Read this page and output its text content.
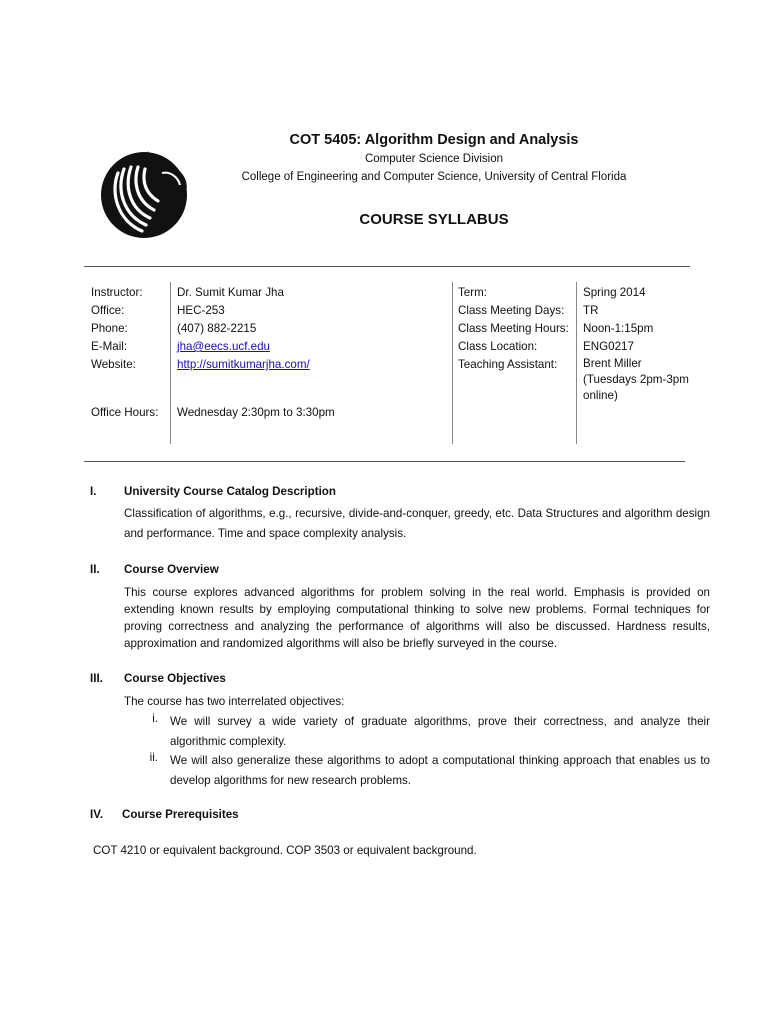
COT 5405: Algorithm Design and Analysis
Computer Science Division
College of Engineering and Computer Science, University of Central Florida
COURSE SYLLABUS
Instructor:
Office:
Phone:
E-Mail:
Website:
Dr. Sumit Kumar Jha
HEC-253
(407) 882-2215
jha@eecs.ucf.edu
http://sumitkumarjha.com/
Office Hours: Wednesday 2:30pm to 3:30pm
Term:
Class Meeting Days:
Class Meeting Hours:
Class Location:
Teaching Assistant:
Spring 2014
TR
Noon-1:15pm
ENG0217
Brent Miller (Tuesdays 2pm-3pm online)
I. University Course Catalog Description
Classification of algorithms, e.g., recursive, divide-and-conquer, greedy, etc. Data Structures and algorithm design and performance. Time and space complexity analysis.
II. Course Overview
This course explores advanced algorithms for problem solving in the real world. Emphasis is provided on extending known results by employing computational thinking to solve new problems. Formal techniques for proving correctness and analyzing the performance of algorithms will also be discussed. Hardness results, approximation and randomized algorithms will also be briefly surveyed in the course.
III. Course Objectives
The course has two interrelated objectives:
i. We will survey a wide variety of graduate algorithms, prove their correctness, and analyze their algorithmic complexity.
ii. We will also generalize these algorithms to adopt a computational thinking approach that enables us to develop algorithms for new research problems.
IV. Course Prerequisites
COT 4210 or equivalent background. COP 3503 or equivalent background.
